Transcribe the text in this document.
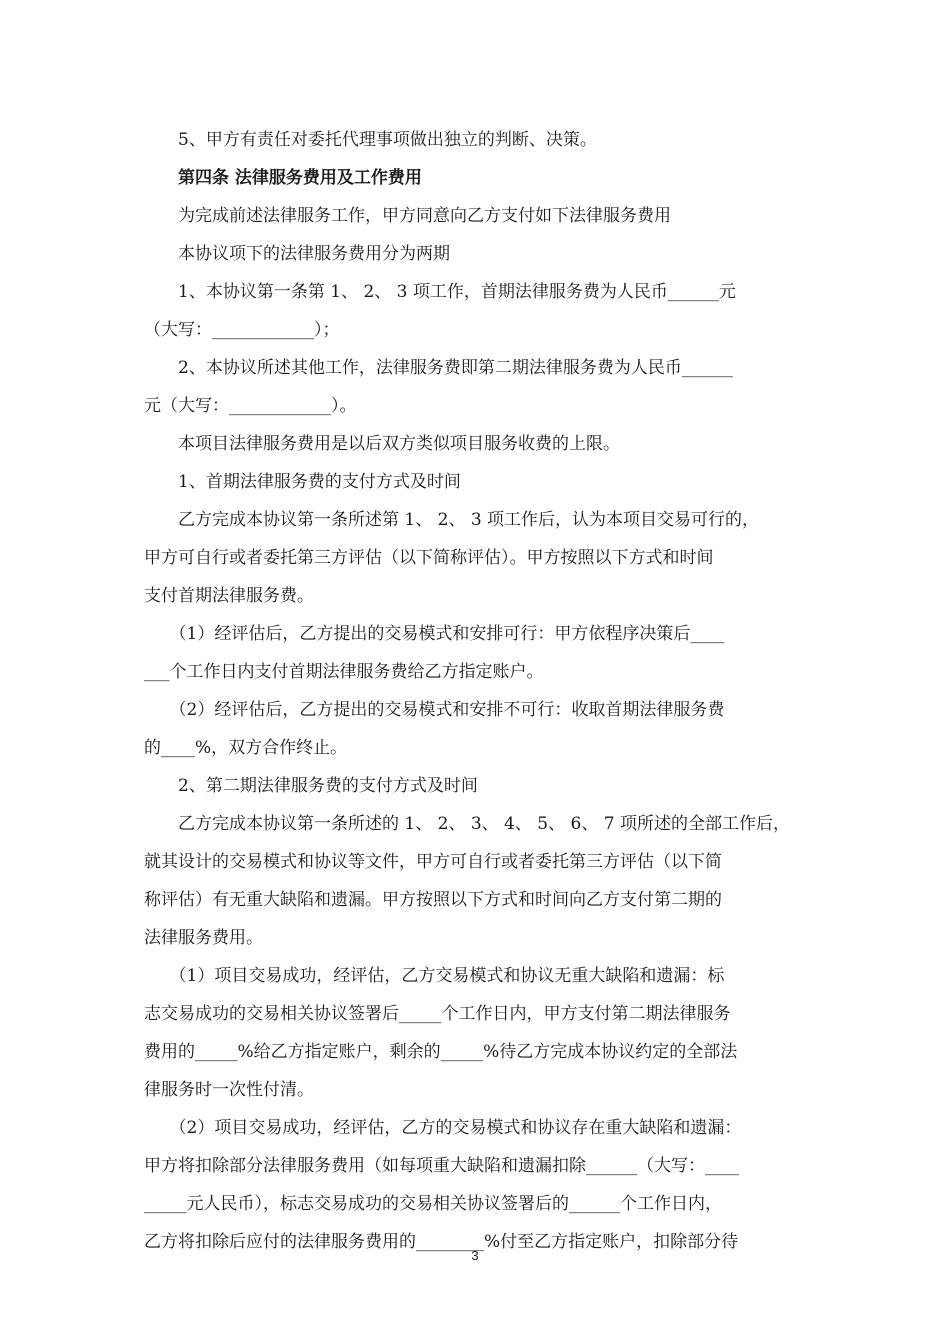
　　5、甲方有责任对委托代理事项做出独立的判断、决策。
　　第四条 法律服务费用及工作费用
　　为完成前述法律服务工作，甲方同意向乙方支付如下法律服务费用
　　本协议项下的法律服务费用分为两期
　　1、本协议第一条第 1、 2、 3 项工作，首期法律服务费为人民币______元
（大写：____________）；
　　2、本协议所述其他工作，法律服务费即第二期法律服务费为人民币______
元（大写：____________）。
　　本项目法律服务费用是以后双方类似项目服务收费的上限。
　　1、首期法律服务费的支付方式及时间
　　乙方完成本协议第一条所述第 1、 2、 3 项工作后，认为本项目交易可行的，
甲方可自行或者委托第三方评估（以下简称评估）。甲方按照以下方式和时间
支付首期法律服务费。
　　（1）经评估后，乙方提出的交易模式和安排可行：甲方依程序决策后____
___个工作日内支付首期法律服务费给乙方指定账户。
　　（2）经评估后，乙方提出的交易模式和安排不可行：收取首期法律服务费
的____%，双方合作终止。
　　2、第二期法律服务费的支付方式及时间
　　乙方完成本协议第一条所述的 1、 2、 3、 4、 5、 6、 7 项所述的全部工作后，
就其设计的交易模式和协议等文件，甲方可自行或者委托第三方评估（以下简
称评估）有无重大缺陷和遗漏。甲方按照以下方式和时间向乙方支付第二期的
法律服务费用。
　　（1）项目交易成功，经评估，乙方交易模式和协议无重大缺陷和遗漏：标
志交易成功的交易相关协议签署后_____个工作日内，甲方支付第二期法律服务
费用的_____%给乙方指定账户，剩余的_____%待乙方完成本协议约定的全部法
律服务时一次性付清。
　　（2）项目交易成功，经评估，乙方的交易模式和协议存在重大缺陷和遗漏：
甲方将扣除部分法律服务费用（如每项重大缺陷和遗漏扣除______（大写：____
_____元人民币），标志交易成功的交易相关协议签署后的______个工作日内，
乙方将扣除后应付的法律服务费用的________%付至乙方指定账户，扣除部分待
3
